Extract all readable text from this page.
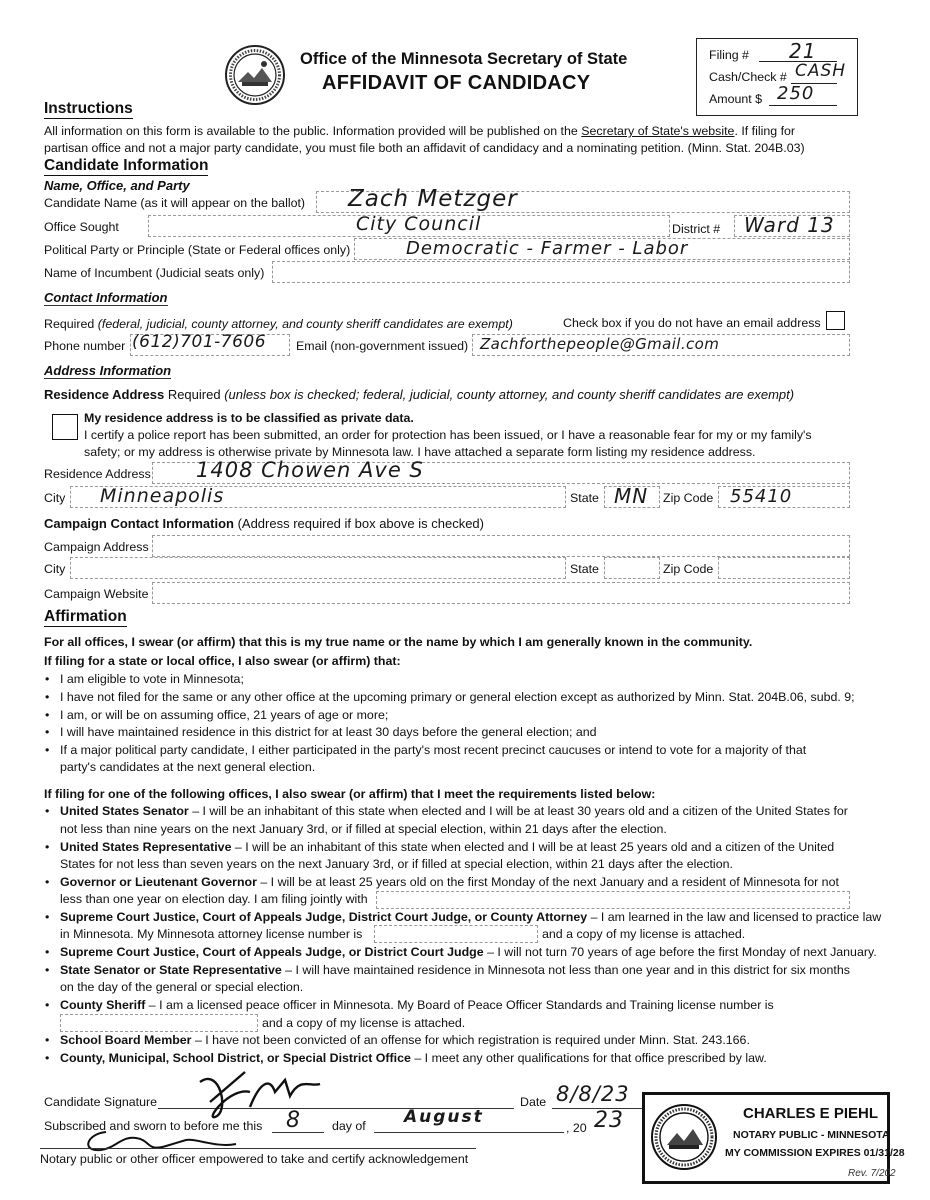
Office of the Minnesota Secretary of State
AFFIDAVIT OF CANDIDACY
Filing # 21
Cash/Check # CASH
Amount $ 250
Instructions
All information on this form is available to the public. Information provided will be published on the Secretary of State's website. If filing for
partisan office and not a major party candidate, you must file both an affidavit of candidacy and a nominating petition. (Minn. Stat. 204B.03)
Candidate Information
Name, Office, and Party
Candidate Name (as it will appear on the ballot) Zach Metzger
Office Sought	City Council	District # Ward 13
Political Party or Principle (State or Federal offices only)	Democratic - Farmer - Labor
Name of Incumbent (Judicial seats only)
Contact Information
Required (federal, judicial, county attorney, and county sheriff candidates are exempt)	Check box if you do not have an email address
Phone number (612)701-7606 Email (non-government issued) Zachforthepeople@Gmail.com
Address Information
Residence Address Required (unless box is checked; federal, judicial, county attorney, and county sheriff candidates are exempt)
My residence address is to be classified as private data.
I certify a police report has been submitted, an order for protection has been issued, or I have a reasonable fear for my or my family's
safety; or my address is otherwise private by Minnesota law. I have attached a separate form listing my residence address.
Residence Address 1408 Chowen Ave S
City Minneapolis	State MN Zip Code 55410
Campaign Contact Information (Address required if box above is checked)
Campaign Address
City	State	Zip Code
Campaign Website
Affirmation
For all offices, I swear (or affirm) that this is my true name or the name by which I am generally known in the community.
If filing for a state or local office, I also swear (or affirm) that:
• I am eligible to vote in Minnesota;
• I have not filed for the same or any other office at the upcoming primary or general election except as authorized by Minn. Stat. 204B.06, subd. 9;
• I am, or will be on assuming office, 21 years of age or more;
• I will have maintained residence in this district for at least 30 days before the general election; and
• If a major political party candidate, I either participated in the party's most recent precinct caucuses or intend to vote for a majority of that
party's candidates at the next general election.
If filing for one of the following offices, I also swear (or affirm) that I meet the requirements listed below:
• United States Senator – I will be an inhabitant of this state when elected and I will be at least 30 years old and a citizen of the United States for
not less than nine years on the next January 3rd, or if filled at special election, within 21 days after the election.
• United States Representative – I will be an inhabitant of this state when elected and I will be at least 25 years old and a citizen of the United
States for not less than seven years on the next January 3rd, or if filled at special election, within 21 days after the election.
• Governor or Lieutenant Governor – I will be at least 25 years old on the first Monday of the next January and a resident of Minnesota for not
less than one year on election day. I am filing jointly with
• Supreme Court Justice, Court of Appeals Judge, District Court Judge, or County Attorney – I am learned in the law and licensed to practice law
in Minnesota. My Minnesota attorney license number is	and a copy of my license is attached.
• Supreme Court Justice, Court of Appeals Judge, or District Court Judge – I will not turn 70 years of age before the first Monday of next January.
• State Senator or State Representative – I will have maintained residence in Minnesota not less than one year and in this district for six months
on the day of the general or special election.
• County Sheriff – I am a licensed peace officer in Minnesota. My Board of Peace Officer Standards and Training license number is
and a copy of my license is attached.
• School Board Member – I have not been convicted of an offense for which registration is required under Minn. Stat. 243.166.
• County, Municipal, School District, or Special District Office – I meet any other qualifications for that office prescribed by law.
Candidate Signature	Date 8/8/23
Subscribed and sworn to before me this 8	day of August
, 20 23
Notary public or other officer empowered to take and certify acknowledgement
CHARLES E PIEHL
NOTARY PUBLIC - MINNESOTA
MY COMMISSION EXPIRES 01/31/28
Rev. 7/202
